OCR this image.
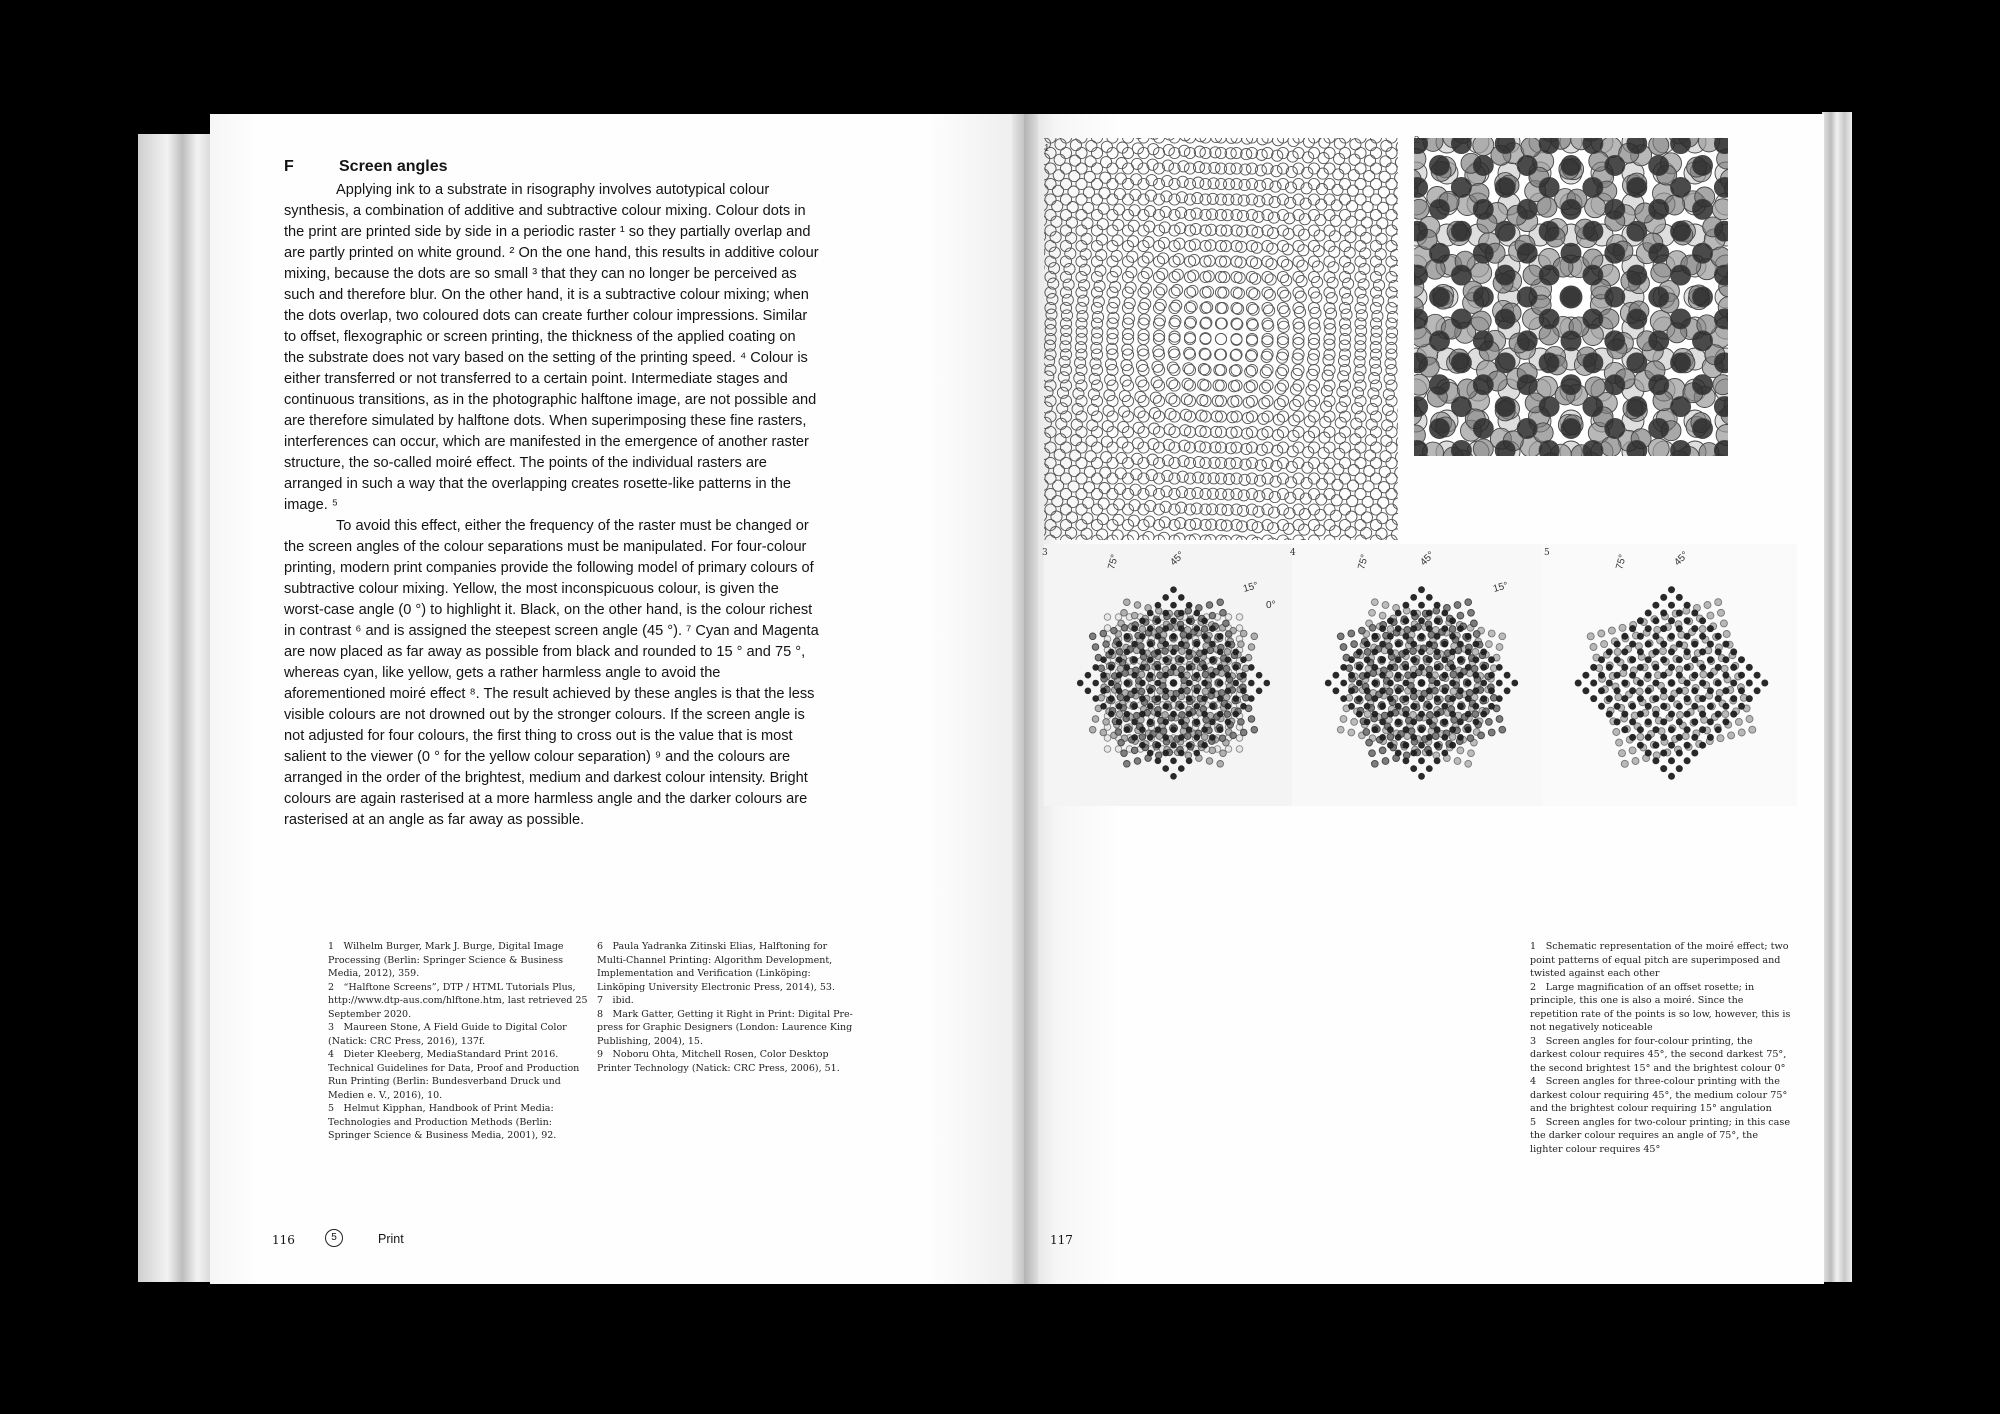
F	Screen angles

Applying ink to a substrate in risography involves autotypical colour synthesis, a combination of additive and subtractive colour mixing. Colour dots in the print are printed side by side in a periodic raster ¹ so they partially overlap and are partly printed on white ground. ² On the one hand, this results in additive colour mixing, because the dots are so small ³ that they can no longer be perceived as such and therefore blur. On the other hand, it is a subtractive colour mixing; when the dots overlap, two coloured dots can create further colour impressions. Similar to offset, flexographic or screen printing, the thickness of the applied coating on the substrate does not vary based on the setting of the printing speed. ⁴ Colour is either transferred or not transferred to a certain point. Intermediate stages and continuous transitions, as in the photographic halftone image, are not possible and are therefore simulated by halftone dots. When superimposing these fine rasters, interferences can occur, which are manifested in the emergence of another raster structure, the so-called moiré effect. The points of the individual rasters are arranged in such a way that the overlapping creates rosette-like patterns in the image. ⁵

To avoid this effect, either the frequency of the raster must be changed or the screen angles of the colour separations must be manipulated. For four-colour printing, modern print companies provide the following model of primary colours of subtractive colour mixing. Yellow, the most inconspicuous colour, is given the worst-case angle (0 °) to highlight it. Black, on the other hand, is the colour richest in contrast ⁶ and is assigned the steepest screen angle (45 °). ⁷ Cyan and Magenta are now placed as far away as possible from black and rounded to 15 ° and 75 °, whereas cyan, like yellow, gets a rather harmless angle to avoid the aforementioned moiré effect ⁸. The result achieved by these angles is that the less visible colours are not drowned out by the stronger colours. If the screen angle is not adjusted for four colours, the first thing to cross out is the value that is most salient to the viewer (0 ° for the yellow colour separation) ⁹ and the colours are arranged in the order of the brightest, medium and darkest colour intensity. Bright colours are again rasterised at a more harmless angle and the darker colours are rasterised at an angle as far away as possible.

1 Wilhelm Burger, Mark J. Burge, Digital Image Processing (Berlin: Springer Science & Business Media, 2012), 359.

2 “Halftone Screens”, DTP / HTML Tutorials Plus, http://www.dtp-aus.com/hlftone.htm, last retrieved 25 September 2020.

3 Maureen Stone, A Field Guide to Digital Color (Natick: CRC Press, 2016), 137f.

4 Dieter Kleeberg, MediaStandard Print 2016. Technical Guidelines for Data, Proof and Production Run Printing (Berlin: Bundesverband Druck und Medien e. V., 2016), 10.

5 Helmut Kipphan, Handbook of Print Media: Technologies and Production Methods (Berlin: Springer Science & Business Media, 2001), 92.

6 Paula Yadranka Zitinski Elias, Halftoning for Multi-Channel Printing: Algorithm Development, Implementation and Verification (Linköping: Linköping University Electronic Press, 2014), 53.

7 ibid.

8 Mark Gatter, Getting it Right in Print: Digital Pre-press for Graphic Designers (London: Laurence King Publishing, 2004), 15.

9 Noboru Ohta, Mitchell Rosen, Color Desktop Printer Technology (Natick: CRC Press, 2006), 51.

116	5	Print
1
2
75°	45°
15°
0°
3
75°	45°
15°
4
75°	45°
5

1 Schematic representation of the moiré effect; two point patterns of equal pitch are superimposed and twisted against each other

2 Large magnification of an offset rosette; in principle, this one is also a moiré. Since the repetition rate of the points is so low, however, this is not negatively noticeable

3 Screen angles for four-colour printing, the darkest colour requires 45°, the second darkest 75°, the second brightest 15° and the brightest colour 0°

4 Screen angles for three-colour printing with the darkest colour requiring 45°, the medium colour 75° and the brightest colour requiring 15° angulation

5 Screen angles for two-colour printing; in this case the darker colour requires an angle of 75°, the lighter colour requires 45°

117
